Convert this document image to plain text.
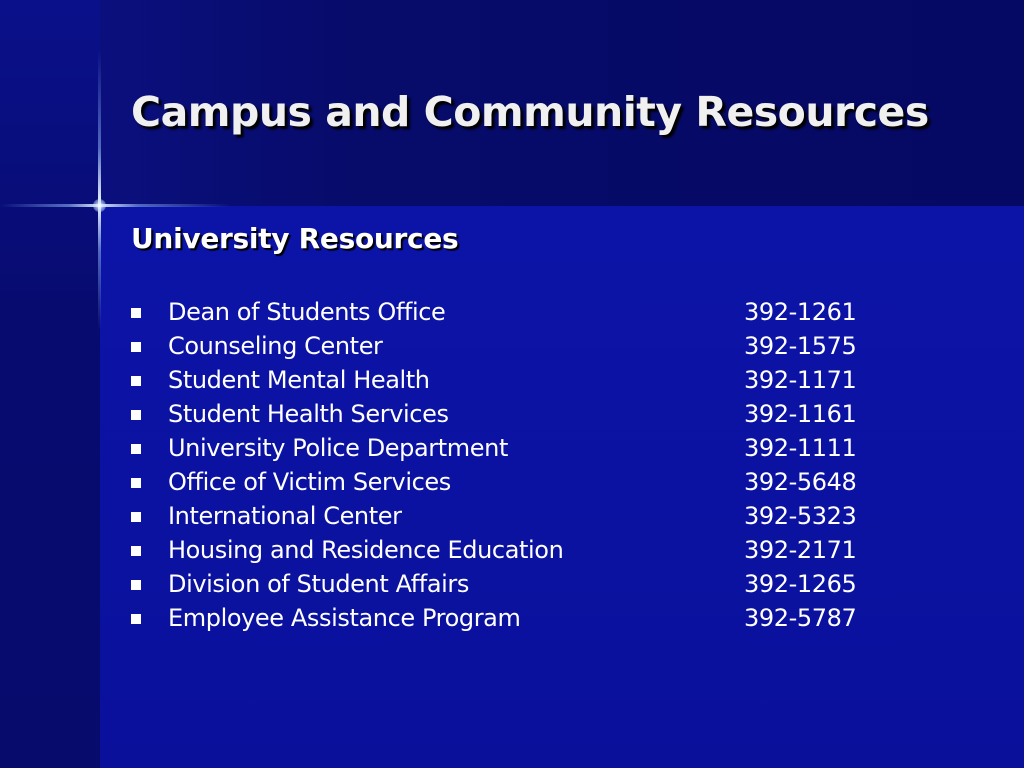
Campus and Community Resources
University Resources
Dean of Students Office	392-1261
Counseling Center	392-1575
Student Mental Health	392-1171
Student Health Services	392-1161
University Police Department	392-1111
Office of Victim Services	392-5648
International Center	392-5323
Housing and Residence Education	392-2171
Division of Student Affairs	392-1265
Employee Assistance Program	392-5787
